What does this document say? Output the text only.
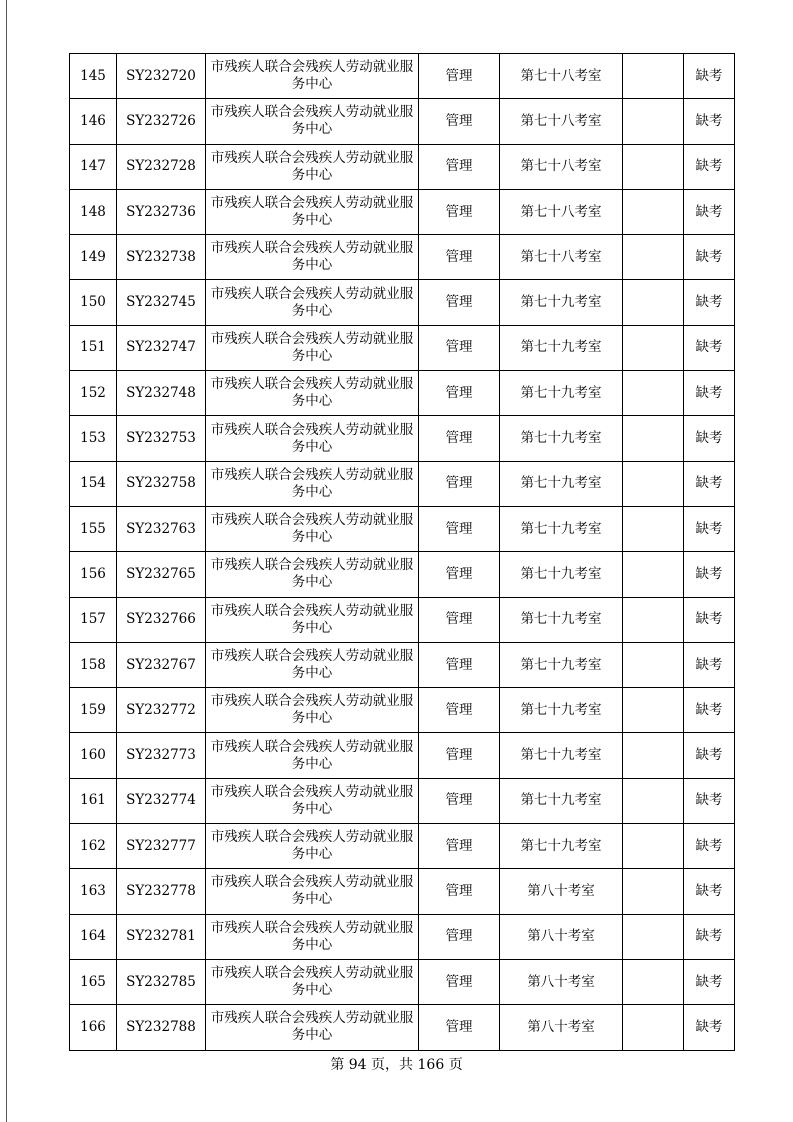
145	SY232720	市残疾人联合会残疾人劳动就业服务中心	管理	第七十八考室		缺考
146	SY232726	市残疾人联合会残疾人劳动就业服务中心	管理	第七十八考室		缺考
147	SY232728	市残疾人联合会残疾人劳动就业服务中心	管理	第七十八考室		缺考
148	SY232736	市残疾人联合会残疾人劳动就业服务中心	管理	第七十八考室		缺考
149	SY232738	市残疾人联合会残疾人劳动就业服务中心	管理	第七十八考室		缺考
150	SY232745	市残疾人联合会残疾人劳动就业服务中心	管理	第七十九考室		缺考
151	SY232747	市残疾人联合会残疾人劳动就业服务中心	管理	第七十九考室		缺考
152	SY232748	市残疾人联合会残疾人劳动就业服务中心	管理	第七十九考室		缺考
153	SY232753	市残疾人联合会残疾人劳动就业服务中心	管理	第七十九考室		缺考
154	SY232758	市残疾人联合会残疾人劳动就业服务中心	管理	第七十九考室		缺考
155	SY232763	市残疾人联合会残疾人劳动就业服务中心	管理	第七十九考室		缺考
156	SY232765	市残疾人联合会残疾人劳动就业服务中心	管理	第七十九考室		缺考
157	SY232766	市残疾人联合会残疾人劳动就业服务中心	管理	第七十九考室		缺考
158	SY232767	市残疾人联合会残疾人劳动就业服务中心	管理	第七十九考室		缺考
159	SY232772	市残疾人联合会残疾人劳动就业服务中心	管理	第七十九考室		缺考
160	SY232773	市残疾人联合会残疾人劳动就业服务中心	管理	第七十九考室		缺考
161	SY232774	市残疾人联合会残疾人劳动就业服务中心	管理	第七十九考室		缺考
162	SY232777	市残疾人联合会残疾人劳动就业服务中心	管理	第七十九考室		缺考
163	SY232778	市残疾人联合会残疾人劳动就业服务中心	管理	第八十考室		缺考
164	SY232781	市残疾人联合会残疾人劳动就业服务中心	管理	第八十考室		缺考
165	SY232785	市残疾人联合会残疾人劳动就业服务中心	管理	第八十考室		缺考
166	SY232788	市残疾人联合会残疾人劳动就业服务中心	管理	第八十考室		缺考
第 94 页，共 166 页
